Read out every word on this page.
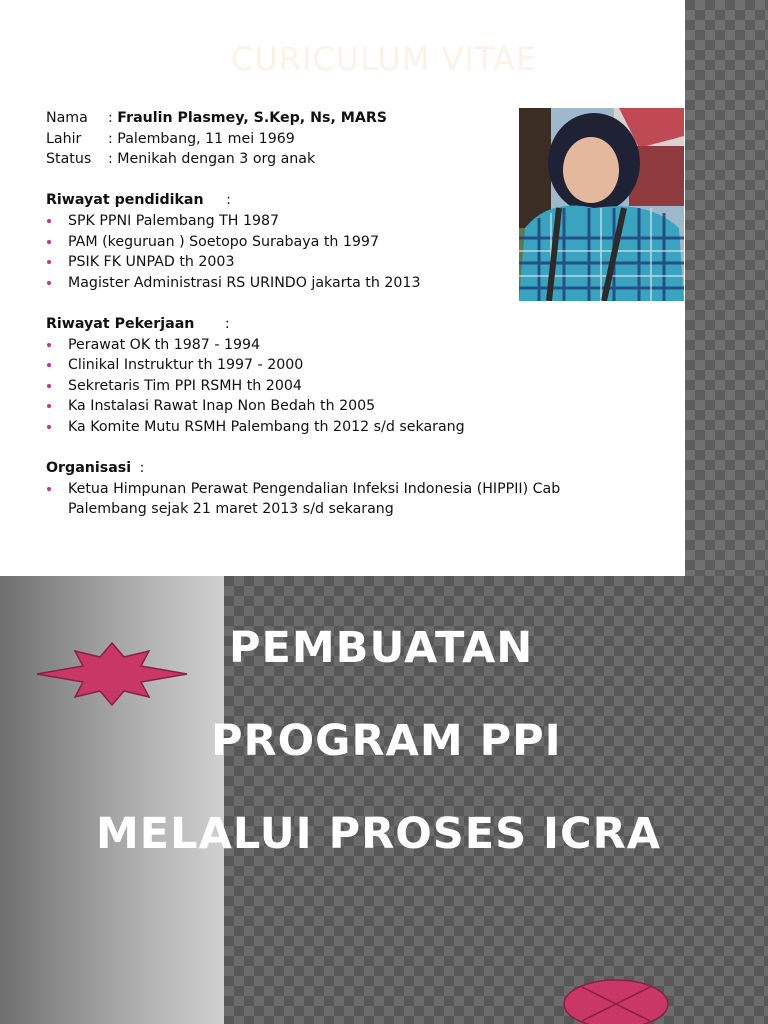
CURICULUM VITAE
Nama : Fraulin Plasmey, S.Kep, Ns, MARS
Lahir : Palembang, 11 mei 1969
Status : Menikah dengan 3 org anak
Riwayat pendidikan :
SPK PPNI Palembang TH 1987
PAM (keguruan ) Soetopo Surabaya th 1997
PSIK FK UNPAD th 2003
Magister Administrasi RS URINDO jakarta th 2013
Riwayat Pekerjaan :
Perawat OK th 1987 - 1994
Clinikal Instruktur th 1997 - 2000
Sekretaris Tim PPI RSMH th 2004
Ka Instalasi Rawat Inap Non Bedah th 2005
Ka Komite Mutu RSMH Palembang th 2012 s/d sekarang
Organisasi :
Ketua Himpunan Perawat Pengendalian Infeksi Indonesia (HIPPII) Cab
Palembang sejak 21 maret 2013 s/d sekarang
PEMBUATAN
PROGRAM PPI
MELALUI PROSES ICRA
